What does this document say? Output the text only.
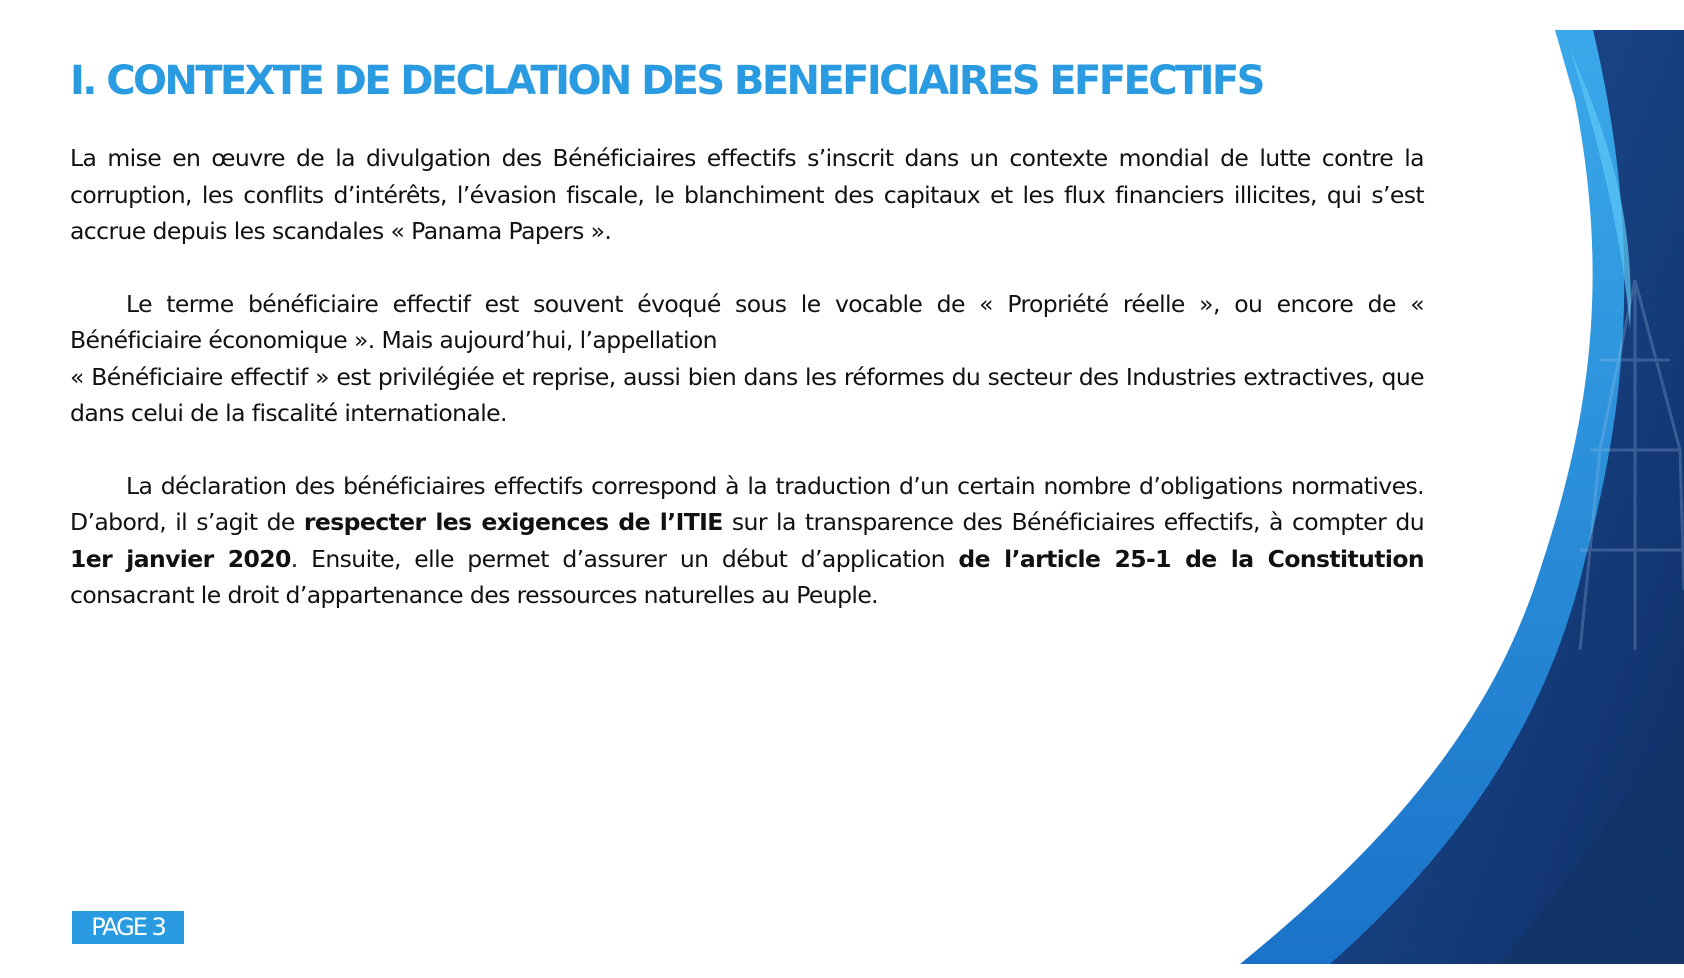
I. CONTEXTE DE DECLATION DES BENEFICIAIRES EFFECTIFS

La mise en œuvre de la divulgation des Bénéficiaires effectifs s’inscrit dans un contexte mondial de lutte contre la corruption, les conflits d’intérêts, l’évasion fiscale, le blanchiment des capitaux et les flux financiers illicites, qui s’est accrue depuis les scandales « Panama Papers ».

Le terme bénéficiaire effectif est souvent évoqué sous le vocable de « Propriété réelle », ou encore de « Bénéficiaire économique ». Mais aujourd’hui, l’appellation
« Bénéficiaire effectif » est privilégiée et reprise, aussi bien dans les réformes du secteur des Industries extractives, que dans celui de la fiscalité internationale.

La déclaration des bénéficiaires effectifs correspond à la traduction d’un certain nombre d’obligations normatives. D’abord, il s’agit de respecter les exigences de l’ITIE sur la transparence des Bénéficiaires effectifs, à compter du 1er janvier 2020. Ensuite, elle permet d’assurer un début d’application de l’article 25-1 de la Constitution consacrant le droit d’appartenance des ressources naturelles au Peuple.

PAGE 3
